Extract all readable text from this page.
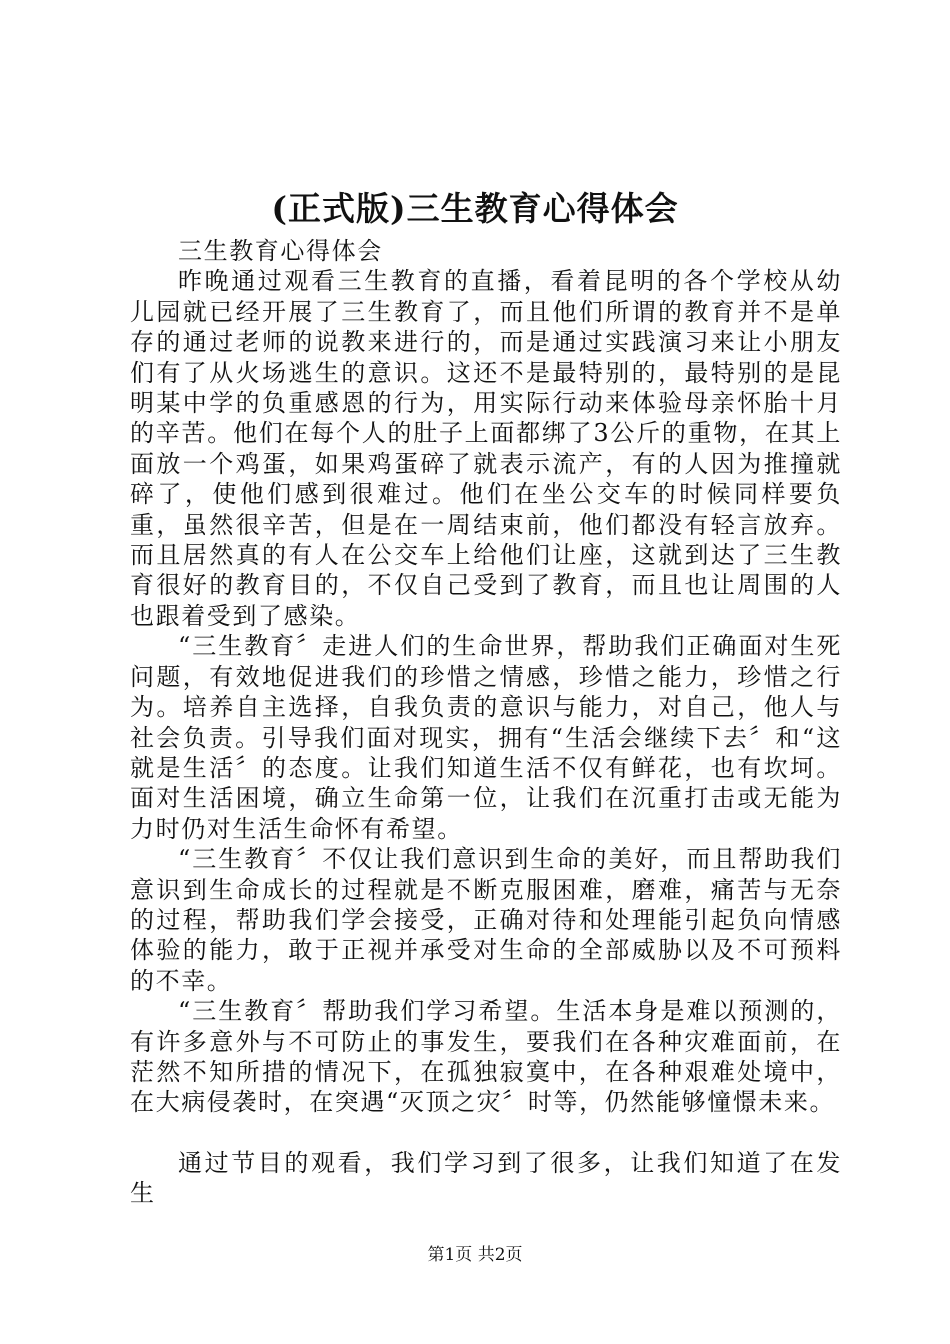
(正式版)三生教育心得体会

三生教育心得体会

昨晚通过观看三生教育的直播，看着昆明的各个学校从幼儿园就已经开展了三生教育了，而且他们所谓的教育并不是单存的通过老师的说教来进行的，而是通过实践演习来让小朋友们有了从火场逃生的意识。这还不是最特别的，最特别的是昆明某中学的负重感恩的行为，用实际行动来体验母亲怀胎十月的辛苦。他们在每个人的肚子上面都绑了3公斤的重物，在其上面放一个鸡蛋，如果鸡蛋碎了就表示流产，有的人因为推撞就碎了，使他们感到很难过。他们在坐公交车的时候同样要负重，虽然很辛苦，但是在一周结束前，他们都没有轻言放弃。而且居然真的有人在公交车上给他们让座，这就到达了三生教育很好的教育目的，不仅自己受到了教育，而且也让周围的人也跟着受到了感染。

“三生教育〞走进人们的生命世界，帮助我们正确面对生死问题，有效地促进我们的珍惜之情感，珍惜之能力，珍惜之行为。培养自主选择，自我负责的意识与能力，对自己，他人与社会负责。引导我们面对现实，拥有“生活会继续下去〞和“这就是生活〞的态度。让我们知道生活不仅有鲜花，也有坎坷。面对生活困境，确立生命第一位，让我们在沉重打击或无能为力时仍对生活生命怀有希望。

“三生教育〞不仅让我们意识到生命的美好，而且帮助我们意识到生命成长的过程就是不断克服困难，磨难，痛苦与无奈的过程，帮助我们学会接受，正确对待和处理能引起负向情感体验的能力，敢于正视并承受对生命的全部威胁以及不可预料的不幸。

“三生教育〞帮助我们学习希望。生活本身是难以预测的，有许多意外与不可防止的事发生，要我们在各种灾难面前，在茫然不知所措的情况下，在孤独寂寞中，在各种艰难处境中，在大病侵袭时，在突遇“灭顶之灾〞时等，仍然能够憧憬未来。

通过节目的观看，我们学习到了很多，让我们知道了在发生

第1页 共2页
